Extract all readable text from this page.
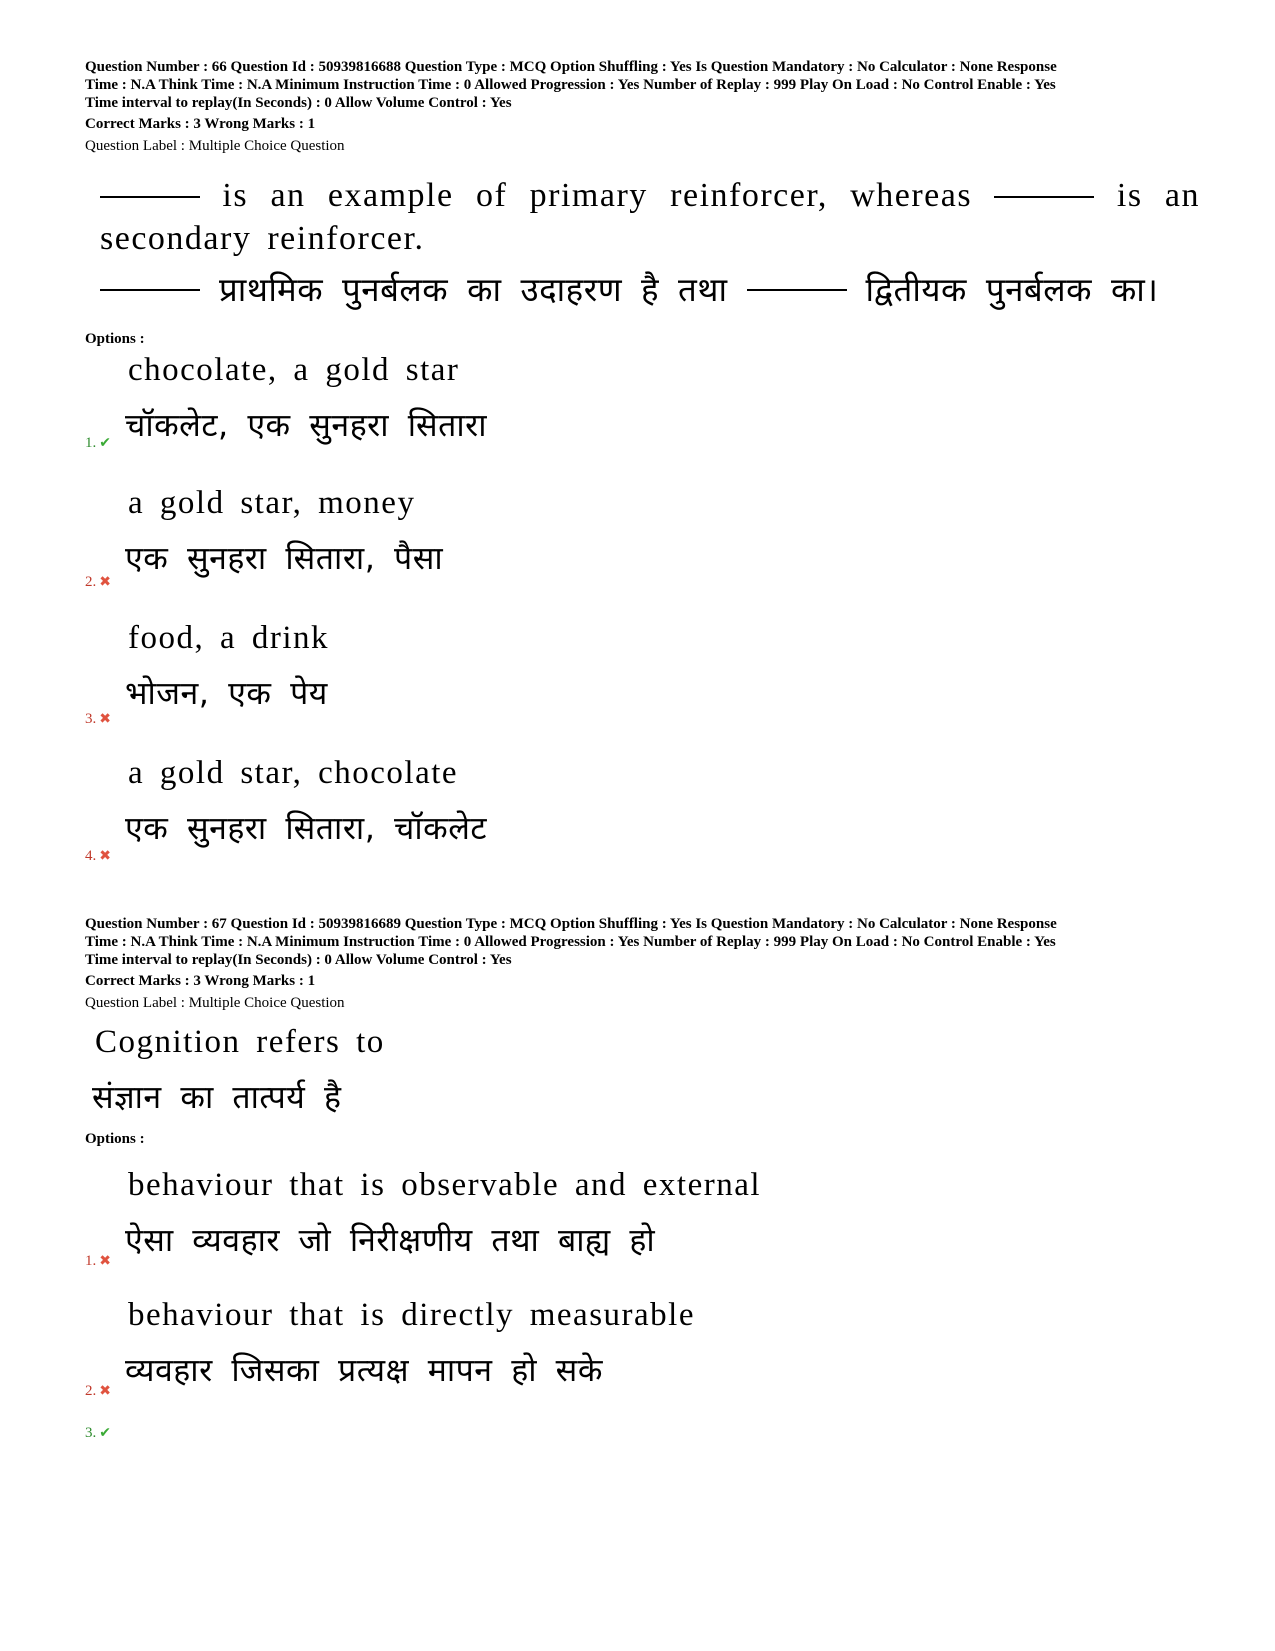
Question Number : 66 Question Id : 50939816688 Question Type : MCQ Option Shuffling : Yes Is Question Mandatory : No Calculator : None Response
Time : N.A Think Time : N.A Minimum Instruction Time : 0 Allowed Progression : Yes Number of Replay : 999 Play On Load : No Control Enable : Yes
Time interval to replay(In Seconds) : 0 Allow Volume Control : Yes
Correct Marks : 3 Wrong Marks : 1
Question Label : Multiple Choice Question
is an example of primary reinforcer, whereas	is an secondary reinforcer.
प्राथमिक पुनर्बलक का उदाहरण है तथा	द्वितीयक पुनर्बलक का।
Options :
chocolate, a gold star
चॉकलेट, एक सुनहरा सितारा
1. ✔
a gold star, money
एक सुनहरा सितारा, पैसा
2. ✖
food, a drink
भोजन, एक पेय
3. ✖
a gold star, chocolate
एक सुनहरा सितारा, चॉकलेट
4. ✖
Question Number : 67 Question Id : 50939816689 Question Type : MCQ Option Shuffling : Yes Is Question Mandatory : No Calculator : None Response
Time : N.A Think Time : N.A Minimum Instruction Time : 0 Allowed Progression : Yes Number of Replay : 999 Play On Load : No Control Enable : Yes
Time interval to replay(In Seconds) : 0 Allow Volume Control : Yes
Correct Marks : 3 Wrong Marks : 1
Question Label : Multiple Choice Question
Cognition refers to
संज्ञान का तात्पर्य है
Options :
behaviour that is observable and external
ऐसा व्यवहार जो निरीक्षणीय तथा बाह्य हो
1. ✖
behaviour that is directly measurable
व्यवहार जिसका प्रत्यक्ष मापन हो सके
2. ✖
3. ✔
